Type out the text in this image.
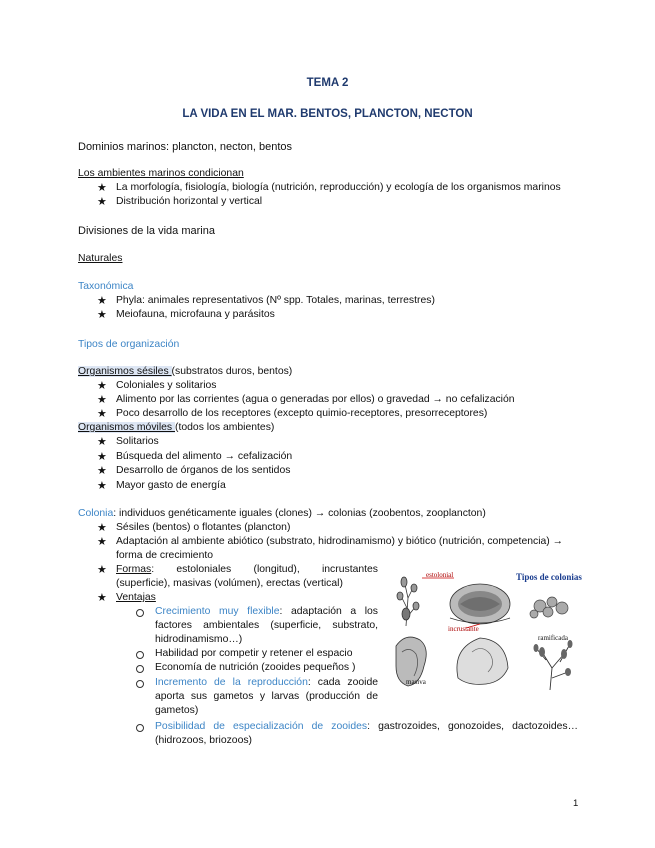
TEMA 2
LA VIDA EN EL MAR. BENTOS, PLANCTON, NECTON
Dominios marinos: plancton, necton, bentos
Los ambientes marinos condicionan
★ La morfología, fisiología, biología (nutrición, reproducción) y ecología de los organismos marinos
★ Distribución horizontal y vertical
Divisiones de la vida marina
Naturales
Taxonómica
★ Phyla: animales representativos (Nº spp. Totales, marinas, terrestres)
★ Meiofauna, microfauna y parásitos
Tipos de organización
Organismos sésiles (substratos duros, bentos)
★ Coloniales y solitarios
★ Alimento por las corrientes (agua o generadas por ellos) o gravedad → no cefalización
★ Poco desarrollo de los receptores (excepto quimio-receptores, presorreceptores)
Organismos móviles (todos los ambientes)
★ Solitarios
★ Búsqueda del alimento → cefalización
★ Desarrollo de órganos de los sentidos
★ Mayor gasto de energía
Colonia: individuos genéticamente iguales (clones) → colonias (zoobentos, zooplancton)
★ Sésiles (bentos) o flotantes (plancton)
★ Adaptación al ambiente abiótico (substrato, hidrodinamismo) y biótico (nutrición, competencia) →
forma de crecimiento
★ Formas: estoloniales (longitud), incrustantes
(superficie), masivas (volúmen), erectas (vertical)
★ Ventajas
Crecimiento muy flexible: adaptación a los
factores ambientales (superficie, substrato,
hidrodinamismo…)
Habilidad por competir y retener el espacio
Economía de nutrición (zooides pequeños )
Incremento de la reproducción: cada zooide
aporta sus gametos y larvas (producción de
gametos)
Posibilidad de especialización de zooides: gastrozoides, gonozoides, dactozoides…
(hidrozoos, briozoos)
estolonial	Tipos de colonias
incrustante
masiva
ramificada
1
